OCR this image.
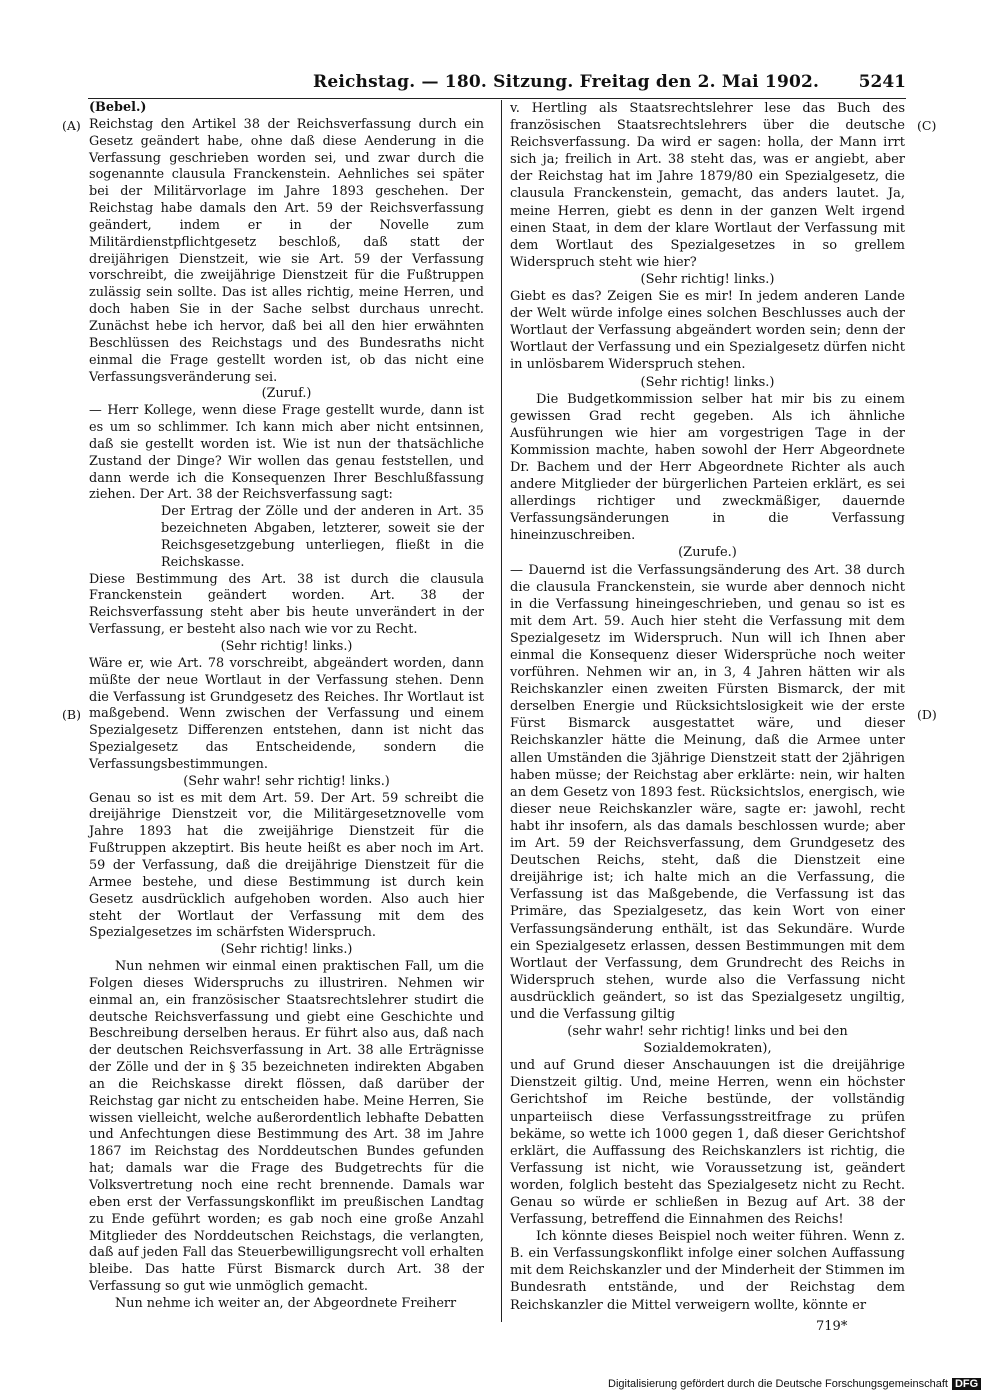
Reichstag. — 180. Sitzung. Freitag den 2. Mai 1902. 5241
(A)
(B)
(C)
(D)

(Bebel.)

Reichstag den Artikel 38 der Reichsverfassung durch ein Gesetz geändert habe, ohne daß diese Aenderung in die Verfassung geschrieben worden sei, und zwar durch die sogenannte clausula Franckenstein. Aehnliches sei später bei der Militärvorlage im Jahre 1893 geschehen. Der Reichstag habe damals den Art. 59 der Reichsverfassung geändert, indem er in der Novelle zum Militärdienstpflichtgesetz beschloß, daß statt der dreijährigen Dienstzeit, wie sie Art. 59 der Verfassung vorschreibt, die zweijährige Dienstzeit für die Fußtruppen zulässig sein sollte. Das ist alles richtig, meine Herren, und doch haben Sie in der Sache selbst durchaus unrecht. Zunächst hebe ich hervor, daß bei all den hier erwähnten Beschlüssen des Reichstags und des Bundesraths nicht einmal die Frage gestellt worden ist, ob das nicht eine Verfassungsveränderung sei.

(Zuruf.)

— Herr Kollege, wenn diese Frage gestellt wurde, dann ist es um so schlimmer. Ich kann mich aber nicht entsinnen, daß sie gestellt worden ist. Wie ist nun der thatsächliche Zustand der Dinge? Wir wollen das genau feststellen, und dann werde ich die Konsequenzen Ihrer Beschlußfassung ziehen. Der Art. 38 der Reichsverfassung sagt:

Der Ertrag der Zölle und der anderen in Art. 35 bezeichneten Abgaben, letzterer, soweit sie der Reichsgesetzgebung unterliegen, fließt in die Reichskasse.

Diese Bestimmung des Art. 38 ist durch die clausula Franckenstein geändert worden. Art. 38 der Reichsverfassung steht aber bis heute unverändert in der Verfassung, er besteht also nach wie vor zu Recht.

(Sehr richtig! links.)

Wäre er, wie Art. 78 vorschreibt, abgeändert worden, dann müßte der neue Wortlaut in der Verfassung stehen. Denn die Verfassung ist Grundgesetz des Reiches. Ihr Wortlaut ist maßgebend. Wenn zwischen der Verfassung und einem Spezialgesetz Differenzen entstehen, dann ist nicht das Spezialgesetz das Entscheidende, sondern die Verfassungsbestimmungen.

(Sehr wahr! sehr richtig! links.)

Genau so ist es mit dem Art. 59. Der Art. 59 schreibt die dreijährige Dienstzeit vor, die Militärgesetznovelle vom Jahre 1893 hat die zweijährige Dienstzeit für die Fußtruppen akzeptirt. Bis heute heißt es aber noch im Art. 59 der Verfassung, daß die dreijährige Dienstzeit für die Armee bestehe, und diese Bestimmung ist durch kein Gesetz ausdrücklich aufgehoben worden. Also auch hier steht der Wortlaut der Verfassung mit dem des Spezialgesetzes im schärfsten Widerspruch.

(Sehr richtig! links.)

Nun nehmen wir einmal einen praktischen Fall, um die Folgen dieses Widerspruchs zu illustriren. Nehmen wir einmal an, ein französischer Staatsrechtslehrer studirt die deutsche Reichsverfassung und giebt eine Geschichte und Beschreibung derselben heraus. Er führt also aus, daß nach der deutschen Reichsverfassung in Art. 38 alle Erträgnisse der Zölle und der in § 35 bezeichneten indirekten Abgaben an die Reichskasse direkt flössen, daß darüber der Reichstag gar nicht zu entscheiden habe. Meine Herren, Sie wissen vielleicht, welche außerordentlich lebhafte Debatten und Anfechtungen diese Bestimmung des Art. 38 im Jahre 1867 im Reichstag des Norddeutschen Bundes gefunden hat; damals war die Frage des Budgetrechts für die Volksvertretung noch eine recht brennende. Damals war eben erst der Verfassungskonflikt im preußischen Landtag zu Ende geführt worden; es gab noch eine große Anzahl Mitglieder des Norddeutschen Reichstags, die verlangten, daß auf jeden Fall das Steuerbewilligungsrecht voll erhalten bleibe. Das hatte Fürst Bismarck durch Art. 38 der Verfassung so gut wie unmöglich gemacht.

Nun nehme ich weiter an, der Abgeordnete Freiherr

v. Hertling als Staatsrechtslehrer lese das Buch des französischen Staatsrechtslehrers über die deutsche Reichsverfassung. Da wird er sagen: holla, der Mann irrt sich ja; freilich in Art. 38 steht das, was er angiebt, aber der Reichstag hat im Jahre 1879/80 ein Spezialgesetz, die clausula Franckenstein, gemacht, das anders lautet. Ja, meine Herren, giebt es denn in der ganzen Welt irgend einen Staat, in dem der klare Wortlaut der Verfassung mit dem Wortlaut des Spezialgesetzes in so grellem Widerspruch steht wie hier?

(Sehr richtig! links.)

Giebt es das? Zeigen Sie es mir! In jedem anderen Lande der Welt würde infolge eines solchen Beschlusses auch der Wortlaut der Verfassung abgeändert worden sein; denn der Wortlaut der Verfassung und ein Spezialgesetz dürfen nicht in unlösbarem Widerspruch stehen.

(Sehr richtig! links.)

Die Budgetkommission selber hat mir bis zu einem gewissen Grad recht gegeben. Als ich ähnliche Ausführungen wie hier am vorgestrigen Tage in der Kommission machte, haben sowohl der Herr Abgeordnete Dr. Bachem und der Herr Abgeordnete Richter als auch andere Mitglieder der bürgerlichen Parteien erklärt, es sei allerdings richtiger und zweckmäßiger, dauernde Verfassungsänderungen in die Verfassung hineinzuschreiben.

(Zurufe.)

— Dauernd ist die Verfassungsänderung des Art. 38 durch die clausula Franckenstein, sie wurde aber dennoch nicht in die Verfassung hineingeschrieben, und genau so ist es mit dem Art. 59. Auch hier steht die Verfassung mit dem Spezialgesetz im Widerspruch. Nun will ich Ihnen aber einmal die Konsequenz dieser Widersprüche noch weiter vorführen. Nehmen wir an, in 3, 4 Jahren hätten wir als Reichskanzler einen zweiten Fürsten Bismarck, der mit derselben Energie und Rücksichtslosigkeit wie der erste Fürst Bismarck ausgestattet wäre, und dieser Reichskanzler hätte die Meinung, daß die Armee unter allen Umständen die 3jährige Dienstzeit statt der 2jährigen haben müsse; der Reichstag aber erklärte: nein, wir halten an dem Gesetz von 1893 fest. Rücksichtslos, energisch, wie dieser neue Reichskanzler wäre, sagte er: jawohl, recht habt ihr insofern, als das damals beschlossen wurde; aber im Art. 59 der Reichsverfassung, dem Grundgesetz des Deutschen Reichs, steht, daß die Dienstzeit eine dreijährige ist; ich halte mich an die Verfassung, die Verfassung ist das Maßgebende, die Verfassung ist das Primäre, das Spezialgesetz, das kein Wort von einer Verfassungsänderung enthält, ist das Sekundäre. Wurde ein Spezialgesetz erlassen, dessen Bestimmungen mit dem Wortlaut der Verfassung, dem Grundrecht des Reichs in Widerspruch stehen, wurde also die Verfassung nicht ausdrücklich geändert, so ist das Spezialgesetz ungiltig, und die Verfassung giltig

(sehr wahr! sehr richtig! links und bei den Sozialdemokraten),

und auf Grund dieser Anschauungen ist die dreijährige Dienstzeit giltig. Und, meine Herren, wenn ein höchster Gerichtshof im Reiche bestünde, der vollständig unparteiisch diese Verfassungsstreitfrage zu prüfen bekäme, so wette ich 1000 gegen 1, daß dieser Gerichtshof erklärt, die Auffassung des Reichskanzlers ist richtig, die Verfassung ist nicht, wie Voraussetzung ist, geändert worden, folglich besteht das Spezialgesetz nicht zu Recht. Genau so würde er schließen in Bezug auf Art. 38 der Verfassung, betreffend die Einnahmen des Reichs!

Ich könnte dieses Beispiel noch weiter führen. Wenn z. B. ein Verfassungskonflikt infolge einer solchen Auffassung mit dem Reichskanzler und der Minderheit der Stimmen im Bundesrath entstände, und der Reichstag dem Reichskanzler die Mittel verweigern wollte, könnte er

719*
Digitalisierung gefördert durch die Deutsche Forschungsgemeinschaft DFG
